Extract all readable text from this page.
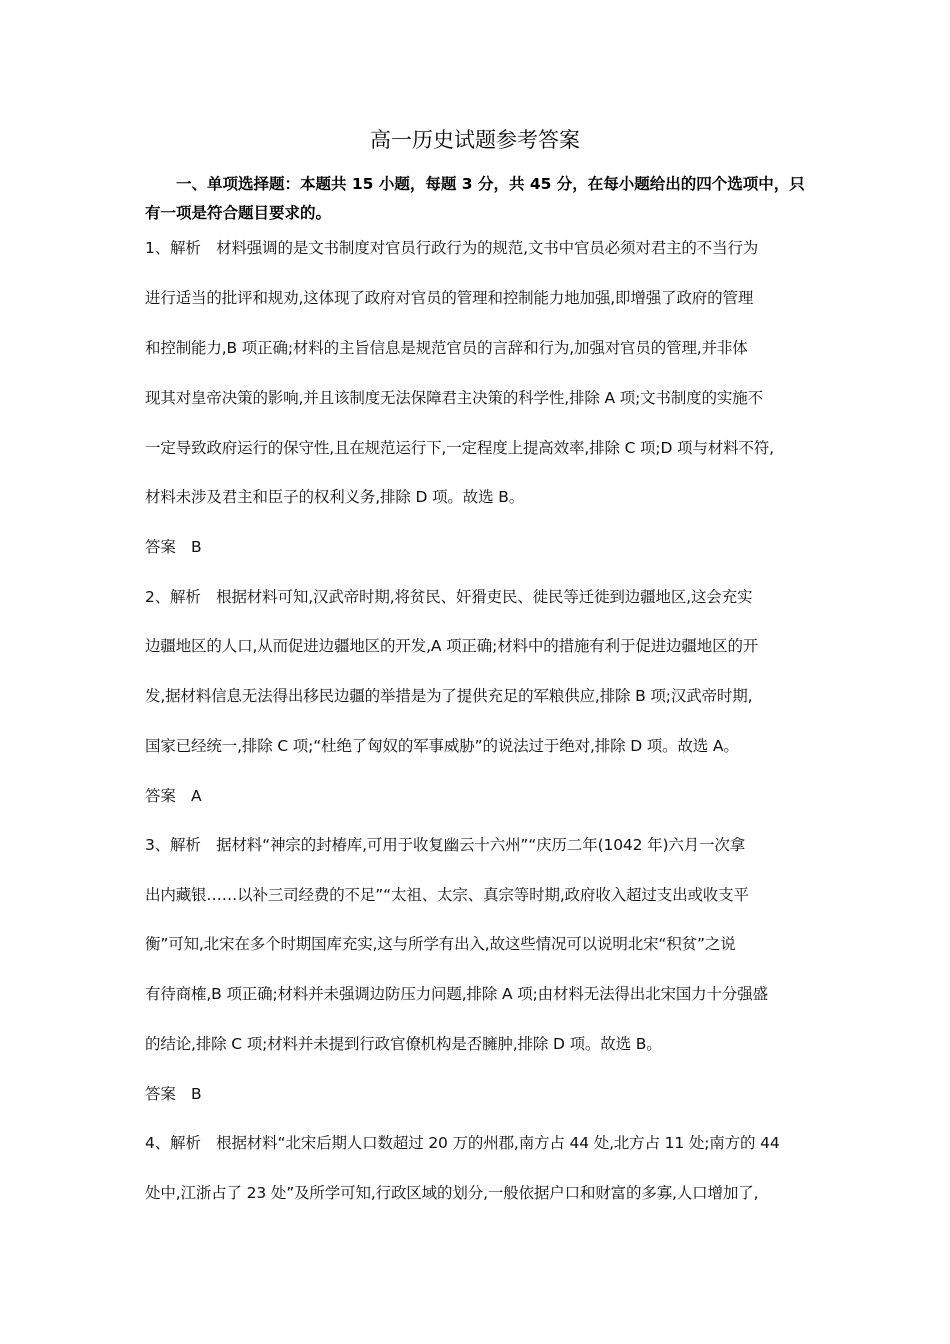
高一历史试题参考答案
一、单项选择题：本题共 15 小题，每题 3 分，共 45 分，在每小题给出的四个选项中，只有一项是符合题目要求的。
1、解析　材料强调的是文书制度对官员行政行为的规范,文书中官员必须对君主的不当行为
进行适当的批评和规劝,这体现了政府对官员的管理和控制能力地加强,即增强了政府的管理
和控制能力,B 项正确;材料的主旨信息是规范官员的言辞和行为,加强对官员的管理,并非体
现其对皇帝决策的影响,并且该制度无法保障君主决策的科学性,排除 A 项;文书制度的实施不
一定导致政府运行的保守性,且在规范运行下,一定程度上提高效率,排除 C 项;D 项与材料不符,
材料未涉及君主和臣子的权利义务,排除 D 项。故选 B。
答案　B
2、解析　根据材料可知,汉武帝时期,将贫民、奸猾吏民、徙民等迁徙到边疆地区,这会充实
边疆地区的人口,从而促进边疆地区的开发,A 项正确;材料中的措施有利于促进边疆地区的开
发,据材料信息无法得出移民边疆的举措是为了提供充足的军粮供应,排除 B 项;汉武帝时期,
国家已经统一,排除 C 项;“杜绝了匈奴的军事威胁”的说法过于绝对,排除 D 项。故选 A。
答案　A
3、解析　据材料“神宗的封椿库,可用于收复幽云十六州”“庆历二年(1042 年)六月一次拿
出内藏银……以补三司经费的不足”“太祖、太宗、真宗等时期,政府收入超过支出或收支平
衡”可知,北宋在多个时期国库充实,这与所学有出入,故这些情况可以说明北宋“积贫”之说
有待商榷,B 项正确;材料并未强调边防压力问题,排除 A 项;由材料无法得出北宋国力十分强盛
的结论,排除 C 项;材料并未提到行政官僚机构是否臃肿,排除 D 项。故选 B。
答案　B
4、解析　根据材料“北宋后期人口数超过 20 万的州郡,南方占 44 处,北方占 11 处;南方的 44
处中,江浙占了 23 处”及所学可知,行政区域的划分,一般依据户口和财富的多寡,人口增加了,
